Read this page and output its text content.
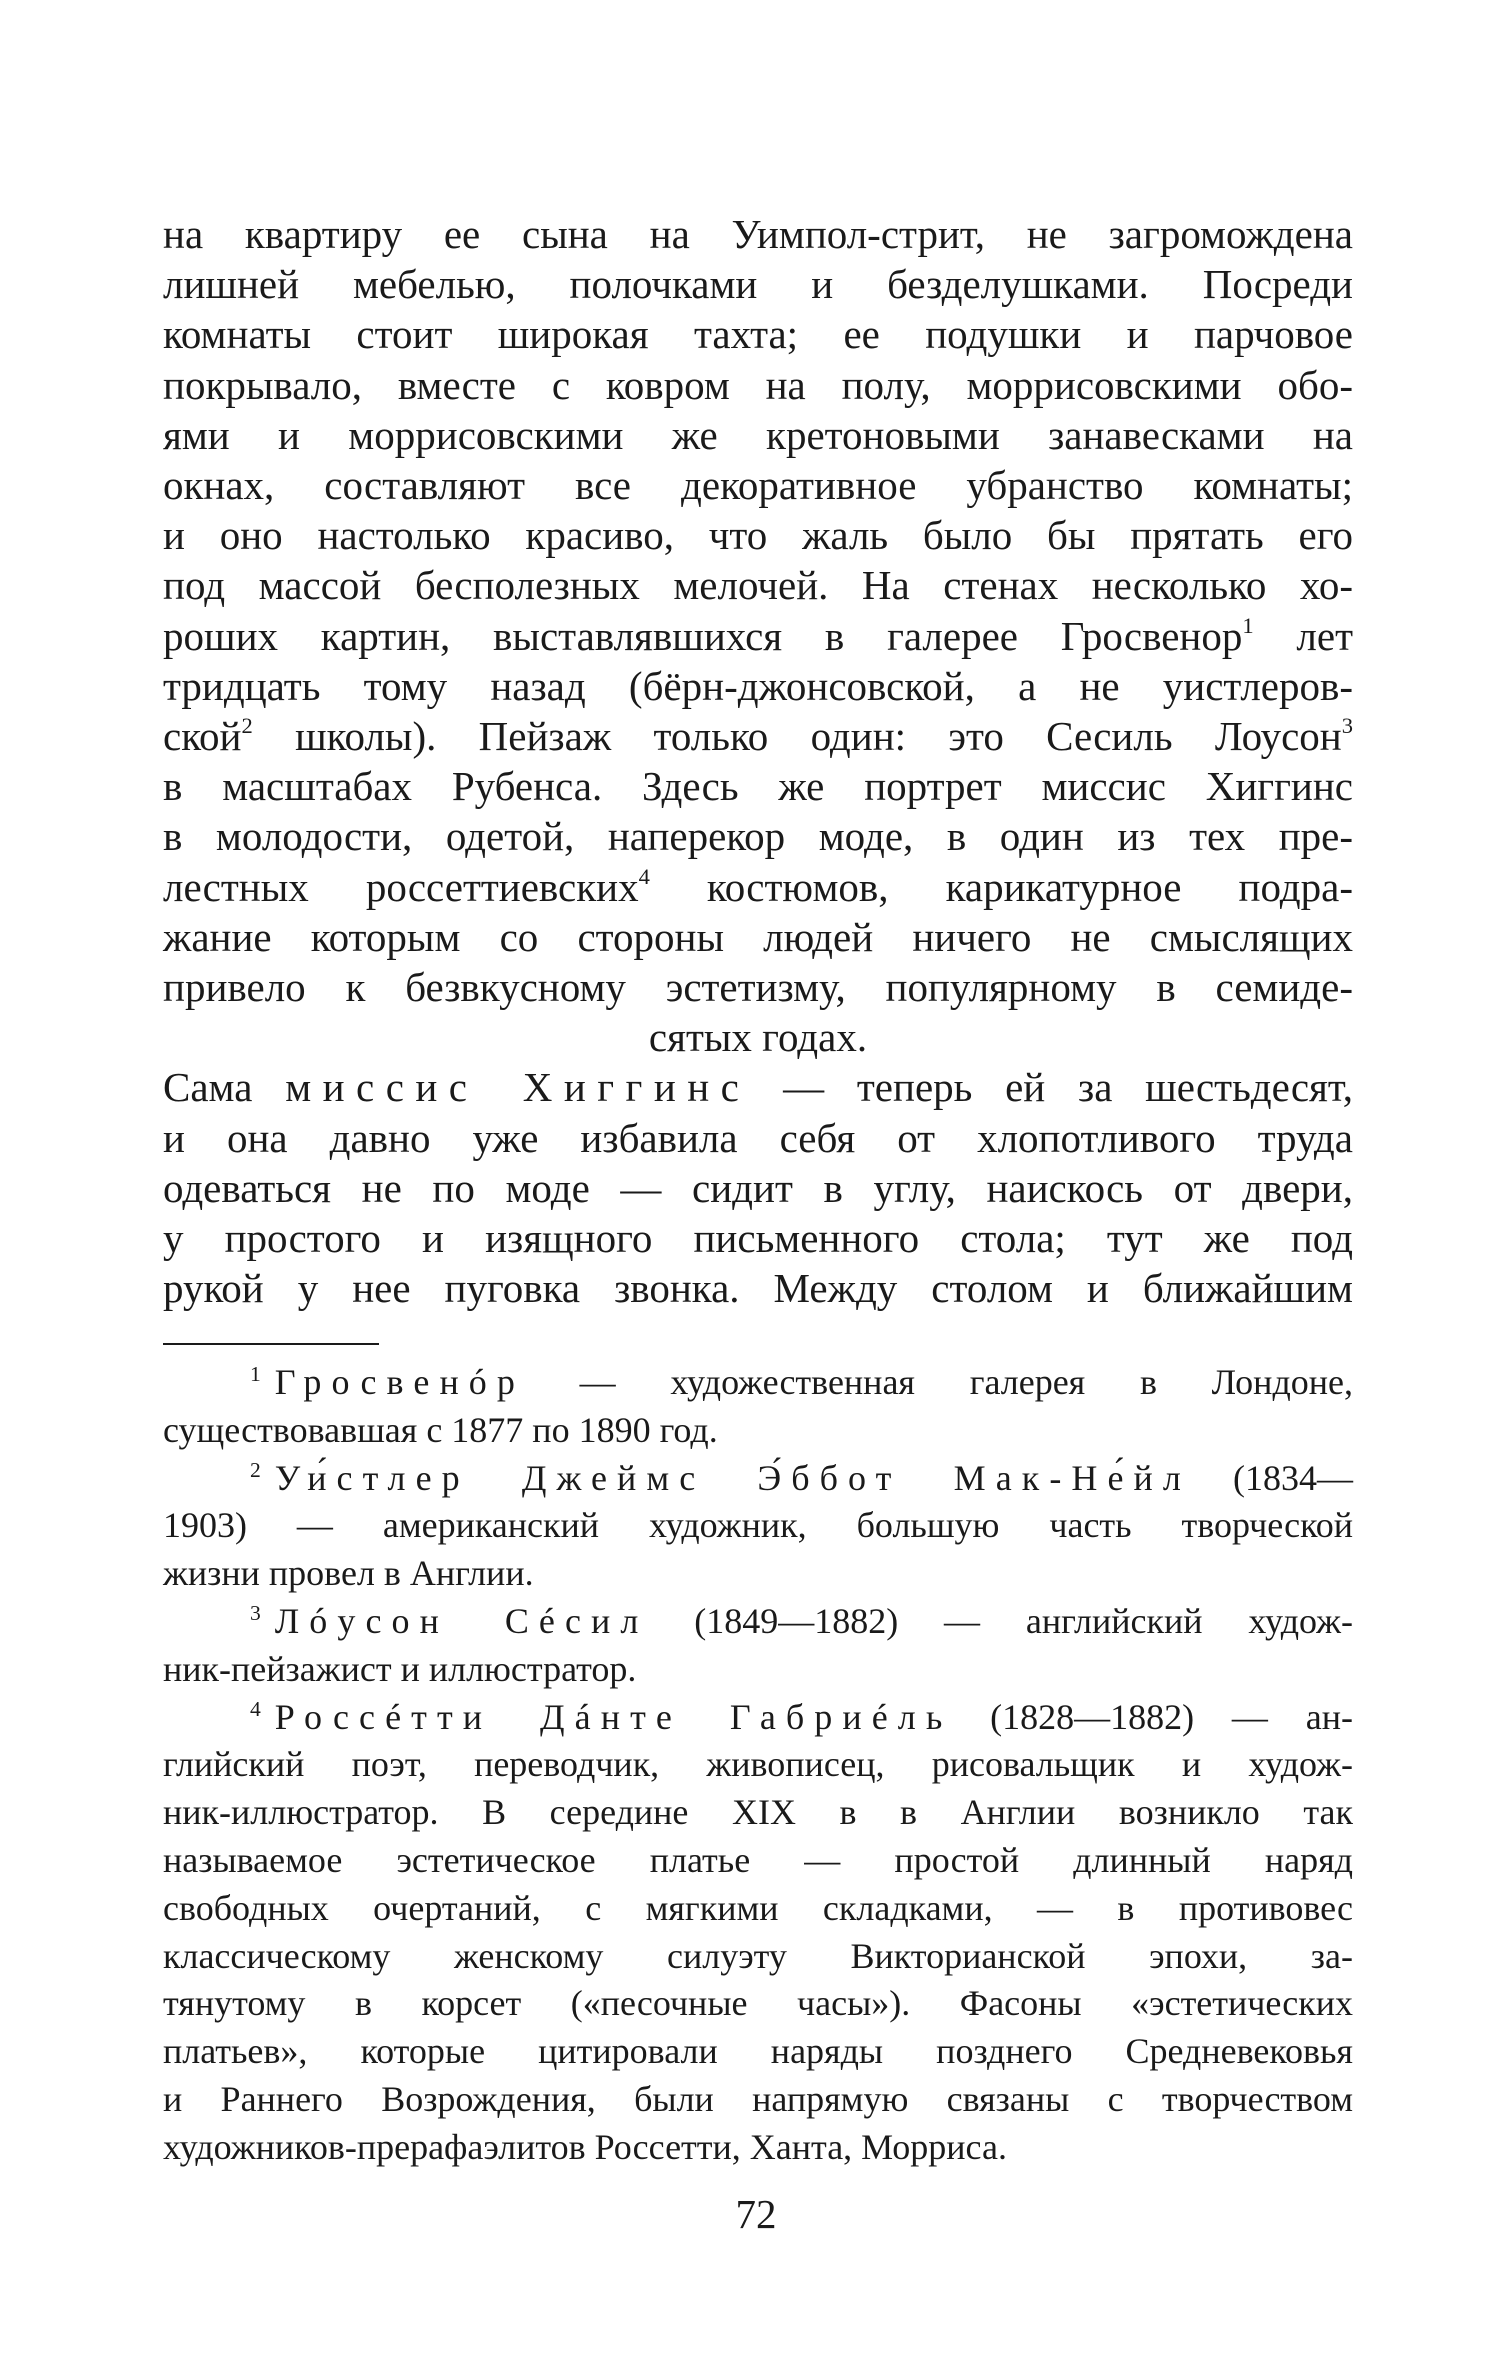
на квартиру ее сына на Уимпол-стрит, не загромождена
лишней мебелью, полочками и безделушками. Посреди
комнаты стоит широкая тахта; ее подушки и парчовое
покрывало, вместе с ковром на полу, моррисовскими обо-
ями и моррисовскими же кретоновыми занавесками на
окнах, составляют все декоративное убранство комнаты;
и оно настолько красиво, что жаль было бы прятать его
под массой бесполезных мелочей. На стенах несколько хо-
роших картин, выставлявшихся в галерее Гросвенор$^1$ лет
тридцать тому назад (бёрн-джонсовской, а не уистлеров-
ской$^2$ школы). Пейзаж только один: это Сесиль Лоусон$^3$
в масштабах Рубенса. Здесь же портрет миссис Хиггинс
в молодости, одетой, наперекор моде, в один из тех пре-
лестных россеттиевских$^4$ костюмов, карикатурное подра-
жание которым со стороны людей ничего не смыслящих
привело к безвкусному эстетизму, популярному в семиде-
сятых годах.
Сама миссис Хиггинс — теперь ей за шестьдесят,
и она давно уже избавила себя от хлопотливого труда
одеваться не по моде — сидит в углу, наискось от двери,
у простого и изящного письменного стола; тут же под
рукой у нее пуговка звонка. Между столом и ближайшим
$^1$ Гросвенóр — художественная галерея в Лондоне,
существовавшая с 1877 по 1890 год.
$^2$ Уи́стлер Джеймс Э́ббот Мак-Не́йл (1834—
1903) — американский художник, большую часть творческой
жизни провел в Англии.
$^3$ Лóусон Сéсил (1849—1882) — английский худож-
ник-пейзажист и иллюстратор.
$^4$ Россéтти Дáнте Габриéль (1828—1882) — ан-
глийский поэт, переводчик, живописец, рисовальщик и худож-
ник-иллюстратор. В середине XIX в в Англии возникло так
называемое эстетическое платье — простой длинный наряд
свободных очертаний, с мягкими складками, — в противовес
классическому женскому силуэту Викторианской эпохи, за-
тянутому в корсет («песочные часы»). Фасоны «эстетических
платьев», которые цитировали наряды позднего Средневековья
и Раннего Возрождения, были напрямую связаны с творчеством
художников-прерафаэлитов Россетти, Ханта, Морриса.
72
